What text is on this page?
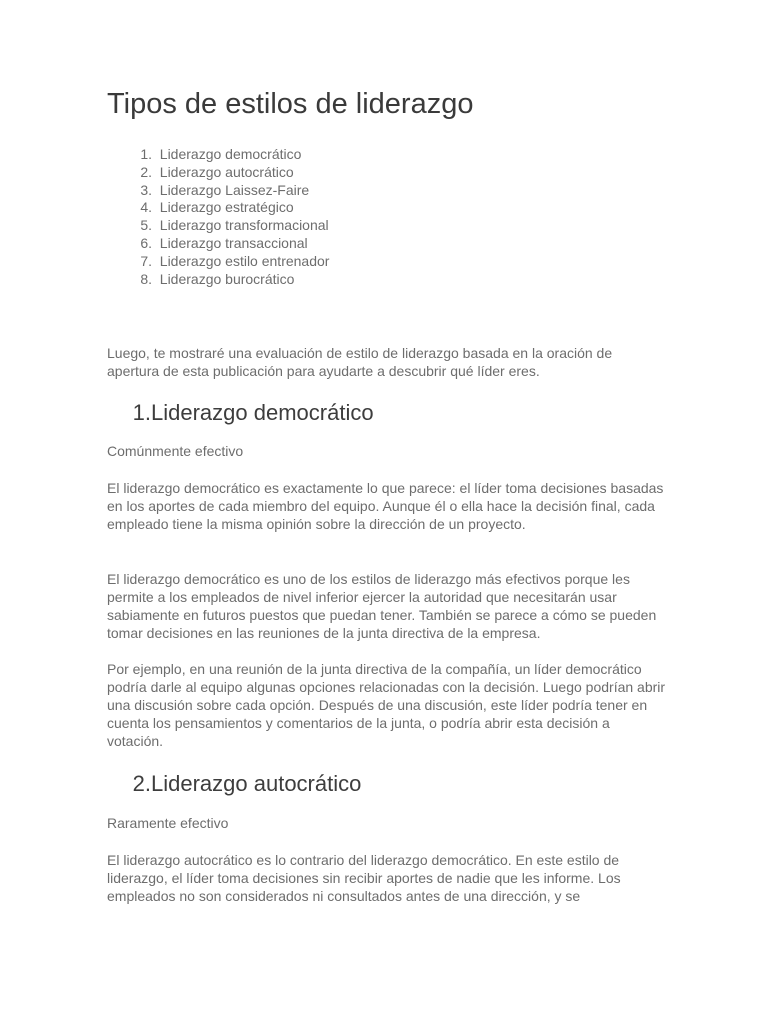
Tipos de estilos de liderazgo
1. Liderazgo democrático
2. Liderazgo autocrático
3. Liderazgo Laissez-Faire
4. Liderazgo estratégico
5. Liderazgo transformacional
6. Liderazgo transaccional
7. Liderazgo estilo entrenador
8. Liderazgo burocrático

Luego, te mostraré una evaluación de estilo de liderazgo basada en la oración de apertura de esta publicación para ayudarte a descubrir qué líder eres.

1.Liderazgo democrático

Comúnmente efectivo

El liderazgo democrático es exactamente lo que parece: el líder toma decisiones basadas en los aportes de cada miembro del equipo. Aunque él o ella hace la decisión final, cada empleado tiene la misma opinión sobre la dirección de un proyecto.

El liderazgo democrático es uno de los estilos de liderazgo más efectivos porque les permite a los empleados de nivel inferior ejercer la autoridad que necesitarán usar sabiamente en futuros puestos que puedan tener. También se parece a cómo se pueden tomar decisiones en las reuniones de la junta directiva de la empresa.

Por ejemplo, en una reunión de la junta directiva de la compañía, un líder democrático podría darle al equipo algunas opciones relacionadas con la decisión. Luego podrían abrir una discusión sobre cada opción. Después de una discusión, este líder podría tener en cuenta los pensamientos y comentarios de la junta, o podría abrir esta decisión a votación.

2.Liderazgo autocrático

Raramente efectivo

El liderazgo autocrático es lo contrario del liderazgo democrático. En este estilo de liderazgo, el líder toma decisiones sin recibir aportes de nadie que les informe. Los empleados no son considerados ni consultados antes de una dirección, y se
